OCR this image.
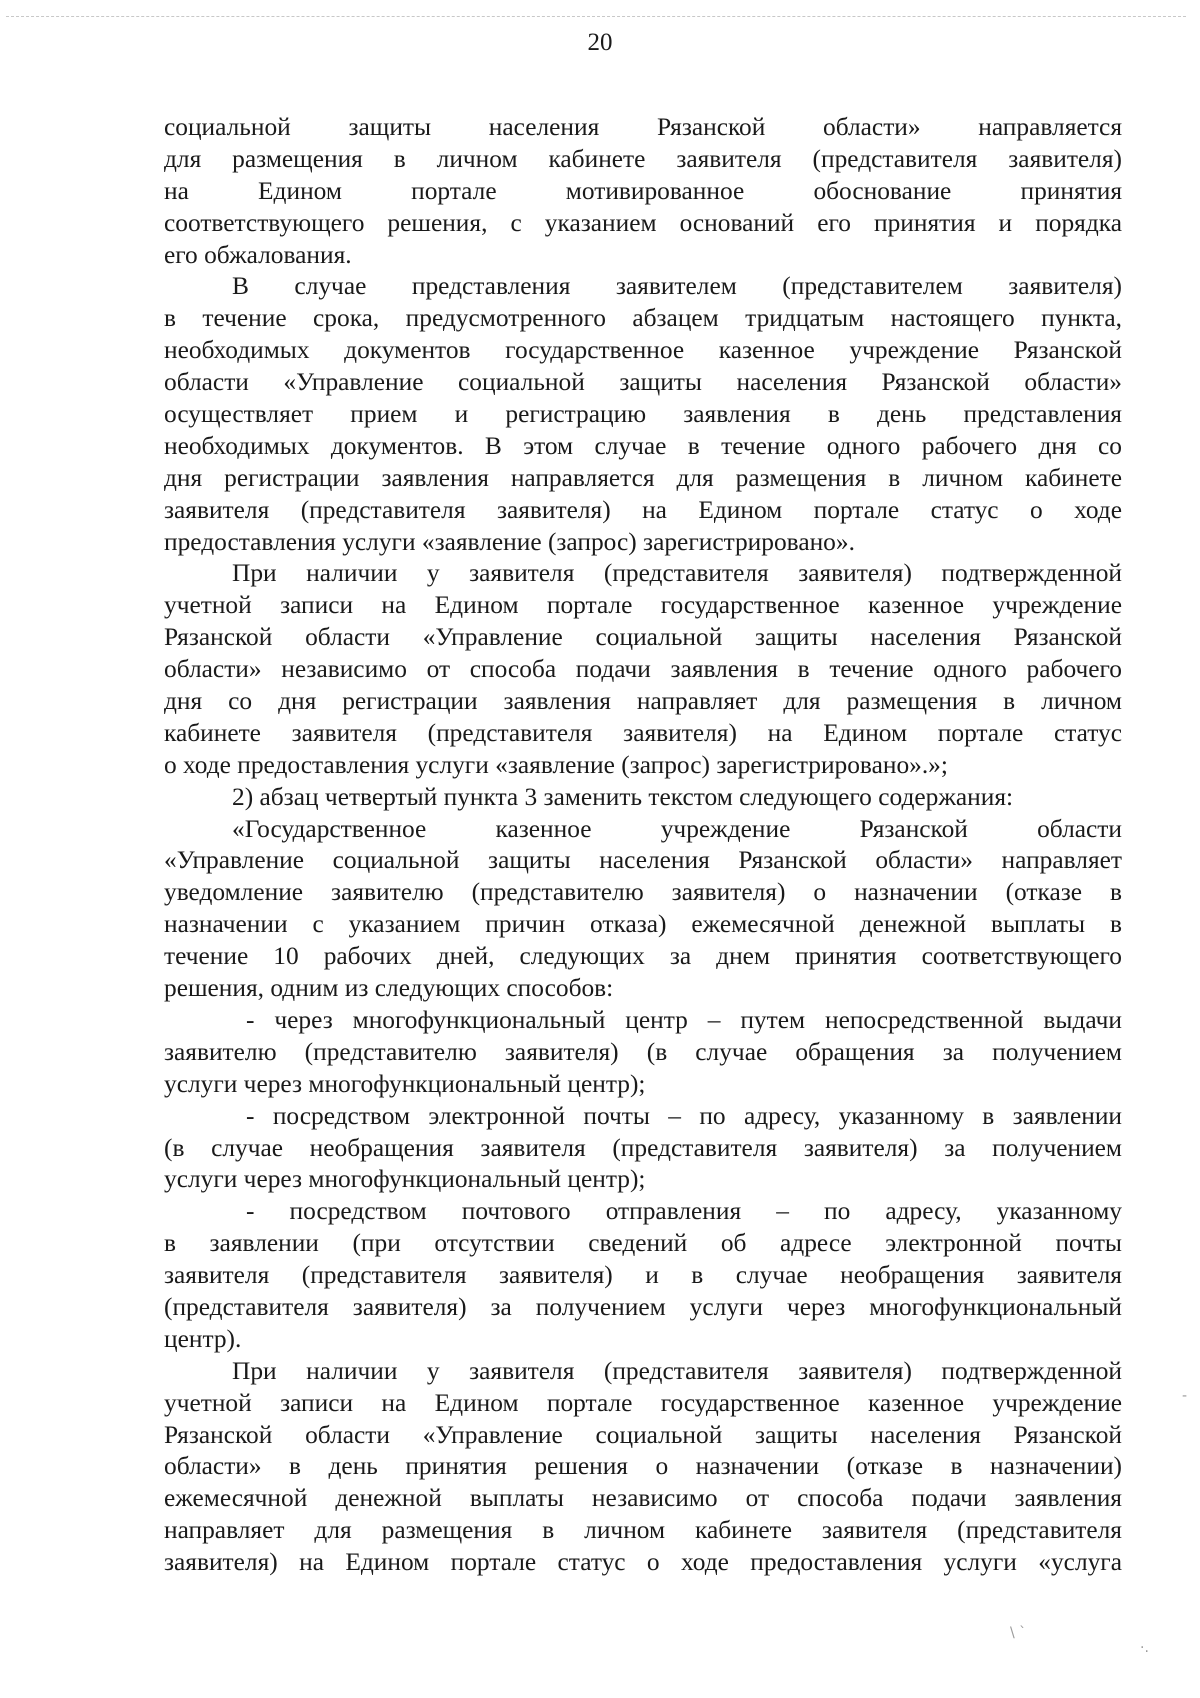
20
социальной защиты населения Рязанской области» направляется
для размещения в личном кабинете заявителя (представителя заявителя)
на Едином портале мотивированное обоснование принятия
соответствующего решения, с указанием оснований его принятия и порядка
его обжалования.
В случае представления заявителем (представителем заявителя)
в течение срока, предусмотренного абзацем тридцатым настоящего пункта,
необходимых документов государственное казенное учреждение Рязанской
области «Управление социальной защиты населения Рязанской области»
осуществляет прием и регистрацию заявления в день представления
необходимых документов. В этом случае в течение одного рабочего дня со
дня регистрации заявления направляется для размещения в личном кабинете
заявителя (представителя заявителя) на Едином портале статус о ходе
предоставления услуги «заявление (запрос) зарегистрировано».
При наличии у заявителя (представителя заявителя) подтвержденной
учетной записи на Едином портале государственное казенное учреждение
Рязанской области «Управление социальной защиты населения Рязанской
области» независимо от способа подачи заявления в течение одного рабочего
дня со дня регистрации заявления направляет для размещения в личном
кабинете заявителя (представителя заявителя) на Едином портале статус
о ходе предоставления услуги «заявление (запрос) зарегистрировано».»;
2) абзац четвертый пункта 3 заменить текстом следующего содержания:
«Государственное казенное учреждение Рязанской области
«Управление социальной защиты населения Рязанской области» направляет
уведомление заявителю (представителю заявителя) о назначении (отказе в
назначении с указанием причин отказа) ежемесячной денежной выплаты в
течение 10 рабочих дней, следующих за днем принятия соответствующего
решения, одним из следующих способов:
- через многофункциональный центр – путем непосредственной выдачи
заявителю (представителю заявителя) (в случае обращения за получением
услуги через многофункциональный центр);
- посредством электронной почты – по адресу, указанному в заявлении
(в случае необращения заявителя (представителя заявителя) за получением
услуги через многофункциональный центр);
- посредством почтового отправления – по адресу, указанному
в заявлении (при отсутствии сведений об адресе электронной почты
заявителя (представителя заявителя) и в случае необращения заявителя
(представителя заявителя) за получением услуги через многофункциональный
центр).
При наличии у заявителя (представителя заявителя) подтвержденной
учетной записи на Едином портале государственное казенное учреждение
Рязанской области «Управление социальной защиты населения Рязанской
области» в день принятия решения о назначении (отказе в назначении)
ежемесячной денежной выплаты независимо от способа подачи заявления
направляет для размещения в личном кабинете заявителя (представителя
заявителя) на Едином портале статус о ходе предоставления услуги «услуга
\ ˋ
·.
-
